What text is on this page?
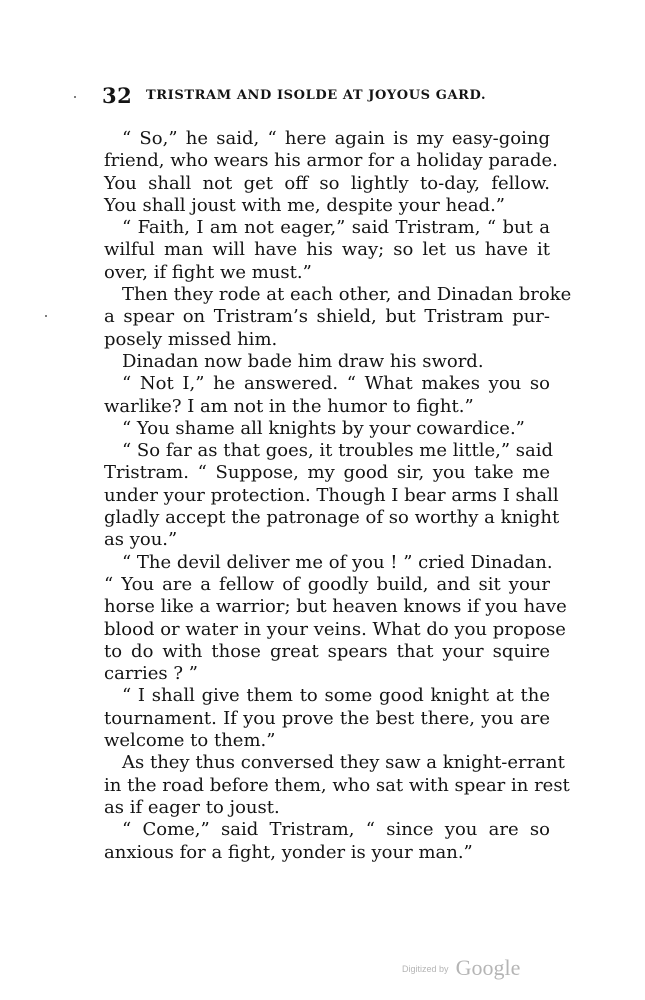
32 TRISTRAM AND ISOLDE AT JOYOUS GARD.
“ So,” he said, “ here again is my easy-going
friend, who wears his armor for a holiday parade.
You shall not get off so lightly to-day, fellow.
You shall joust with me, despite your head.”
“ Faith, I am not eager,” said Tristram, “ but a
wilful man will have his way; so let us have it
over, if fight we must.”
Then they rode at each other, and Dinadan broke
a spear on Tristram’s shield, but Tristram pur-
posely missed him.
Dinadan now bade him draw his sword.
“ Not I,” he answered. “ What makes you so
warlike? I am not in the humor to fight.”
“ You shame all knights by your cowardice.”
“ So far as that goes, it troubles me little,” said
Tristram. “ Suppose, my good sir, you take me
under your protection. Though I bear arms I shall
gladly accept the patronage of so worthy a knight
as you.”
“ The devil deliver me of you ! ” cried Dinadan.
“ You are a fellow of goodly build, and sit your
horse like a warrior; but heaven knows if you have
blood or water in your veins. What do you propose
to do with those great spears that your squire
carries ? ”
“ I shall give them to some good knight at the
tournament. If you prove the best there, you are
welcome to them.”
As they thus conversed they saw a knight-errant
in the road before them, who sat with spear in rest
as if eager to joust.
“ Come,” said Tristram, “ since you are so
anxious for a fight, yonder is your man.”
Digitized by Google
